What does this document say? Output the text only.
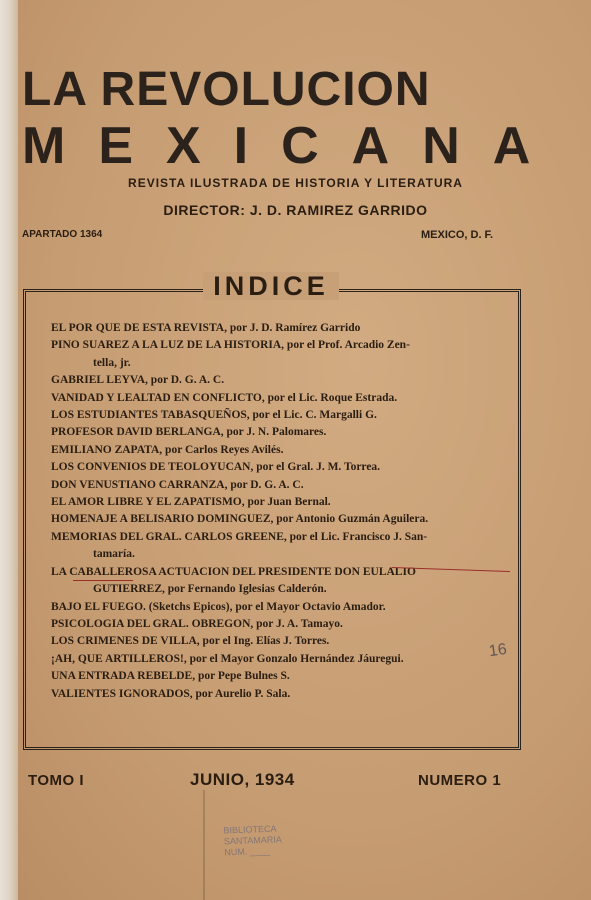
LA REVOLUCION
MEXICANA
REVISTA ILUSTRADA DE HISTORIA Y LITERATURA
DIRECTOR: J. D. RAMIREZ GARRIDO
APARTADO 1364	MEXICO, D. F.
INDICE
EL POR QUE DE ESTA REVISTA, por J. D. Ramírez Garrido
PINO SUAREZ A LA LUZ DE LA HISTORIA, por el Prof. Arcadio Zen-
tella, jr.
GABRIEL LEYVA, por D. G. A. C.
VANIDAD Y LEALTAD EN CONFLICTO, por el Lic. Roque Estrada.
LOS ESTUDIANTES TABASQUEÑOS, por el Lic. C. Margalli G.
PROFESOR DAVID BERLANGA, por J. N. Palomares.
EMILIANO ZAPATA, por Carlos Reyes Avilés.
LOS CONVENIOS DE TEOLOYUCAN, por el Gral. J. M. Torrea.
DON VENUSTIANO CARRANZA, por D. G. A. C.
EL AMOR LIBRE Y EL ZAPATISMO, por Juan Bernal.
HOMENAJE A BELISARIO DOMINGUEZ, por Antonio Guzmán Aguilera.
MEMORIAS DEL GRAL. CARLOS GREENE, por el Lic. Francisco J. San-
tamaría.
LA CABALLEROSA ACTUACION DEL PRESIDENTE DON EULALIO
GUTIERREZ, por Fernando Iglesias Calderón.
BAJO EL FUEGO. (Sketchs Epicos), por el Mayor Octavio Amador.
PSICOLOGIA DEL GRAL. OBREGON, por J. A. Tamayo.
LOS CRIMENES DE VILLA, por el Ing. Elías J. Torres.
¡AH, QUE ARTILLEROS!, por el Mayor Gonzalo Hernández Jáuregui.
UNA ENTRADA REBELDE, por Pepe Bulnes S.
VALIENTES IGNORADOS, por Aurelio P. Sala.
16
TOMO I	JUNIO, 1934	NUMERO 1
BIBLIOTECA
SANTAMARIA
NUM. ____
